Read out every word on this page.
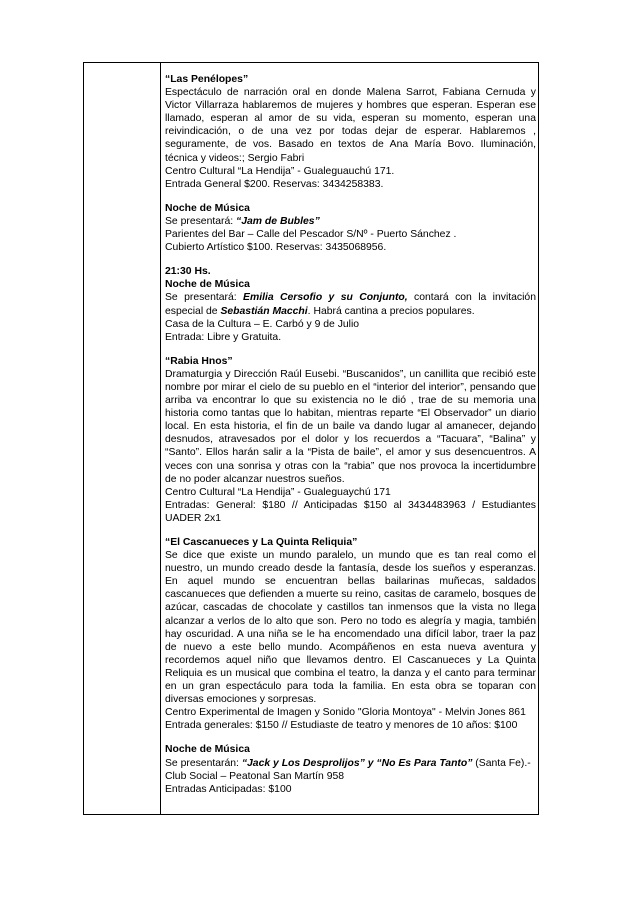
“Las Penélopes”

Espectáculo de narración oral en donde Malena Sarrot, Fabiana Cernuda y Victor Villarraza hablaremos de mujeres y hombres que esperan. Esperan ese llamado, esperan al amor de su vida, esperan su momento, esperan una reivindicación, o de una vez por todas dejar de esperar. Hablaremos , seguramente, de vos. Basado en textos de Ana María Bovo. Iluminación, técnica y videos:; Sergio Fabri

Centro Cultural “La Hendija” - Gualeguauchú 171.

Entrada General $200. Reservas: 3434258383.

Noche de Música

Se presentará: “Jam de Bubles”

Parientes del Bar – Calle del Pescador S/Nº - Puerto Sánchez .

Cubierto Artístico $100. Reservas: 3435068956.

21:30 Hs.

Noche de Música

Se presentará: Emilia Cersofio y su Conjunto, contará con la invitación especial de Sebastián Macchi. Habrá cantina a precios populares.

Casa de la Cultura – E. Carbó y 9 de Julio

Entrada: Libre y Gratuita.

“Rabia Hnos”

Dramaturgia y Dirección Raúl Eusebi. “Buscanidos”, un canillita que recibió este nombre por mirar el cielo de su pueblo en el “interior del interior”, pensando que arriba va encontrar lo que su existencia no le dió , trae de su memoria una historia como tantas que lo habitan, mientras reparte “El Observador” un diario local. En esta historia, el fin de un baile va dando lugar al amanecer, dejando desnudos, atravesados por el dolor y los recuerdos a “Tacuara”, “Balina” y “Santo”. Ellos harán salir a la “Pista de baile”, el amor y sus desencuentros. A veces con una sonrisa y otras con la “rabia” que nos provoca la incertidumbre de no poder alcanzar nuestros sueños.

Centro Cultural “La Hendija” - Gualeguaychú 171

Entradas: General: $180 // Anticipadas $150 al 3434483963 / Estudiantes UADER 2x1

“El Cascanueces y La Quinta Reliquia”

Se dice que existe un mundo paralelo, un mundo que es tan real como el nuestro, un mundo creado desde la fantasía, desde los sueños y esperanzas. En aquel mundo se encuentran bellas bailarinas muñecas, saldados cascanueces que defienden a muerte su reino, casitas de caramelo, bosques de azúcar, cascadas de chocolate y castillos tan inmensos que la vista no llega alcanzar a verlos de lo alto que son. Pero no todo es alegría y magia, también hay oscuridad. A una niña se le ha encomendado una difícil labor, traer la paz de nuevo a este bello mundo. Acompáñenos en esta nueva aventura y recordemos aquel niño que llevamos dentro. El Cascanueces y La Quinta Reliquia es un musical que combina el teatro, la danza y el canto para terminar en un gran espectáculo para toda la familia. En esta obra se toparan con diversas emociones y sorpresas.

Centro Experimental de Imagen y Sonido "Gloria Montoya" - Melvin Jones 861

Entrada generales: $150 // Estudiaste de teatro y menores de 10 años: $100

Noche de Música

Se presentarán: “Jack y Los Desprolijos” y “No Es Para Tanto” (Santa Fe).-

Club Social – Peatonal San Martín 958

Entradas Anticipadas: $100
